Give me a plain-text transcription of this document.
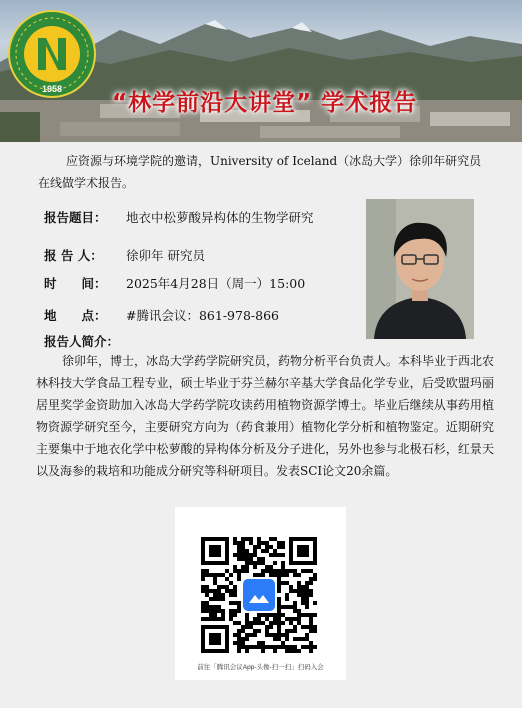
1958
“林学前沿大讲堂” 学术报告
应资源与环境学院的邀请，University of Iceland（冰岛大学）徐卯年研究员在线做学术报告。
报告题目： 地衣中松萝酸异构体的生物学研究
报 告 人： 徐卯年 研究员
时　　间： 2025年4月28日（周一）15:00
地　　点： #腾讯会议：861-978-866
报告人简介：
徐卯年，博士，冰岛大学药学院研究员，药物分析平台负责人。本科毕业于西北农林科技大学食品工程专业，硕士毕业于芬兰赫尔辛基大学食品化学专业，后受欧盟玛丽居里奖学金资助加入冰岛大学药学院攻读药用植物资源学博士。毕业后继续从事药用植物资源学研究至今，主要研究方向为（药食兼用）植物化学分析和植物鉴定。近期研究主要集中于地衣化学中松萝酸的异构体分析及分子进化，另外也参与北极石杉，红景天以及海参的栽培和功能成分研究等科研项目。发表SCI论文20余篇。
前往「腾讯会议App-头像-扫一扫」扫码入会
